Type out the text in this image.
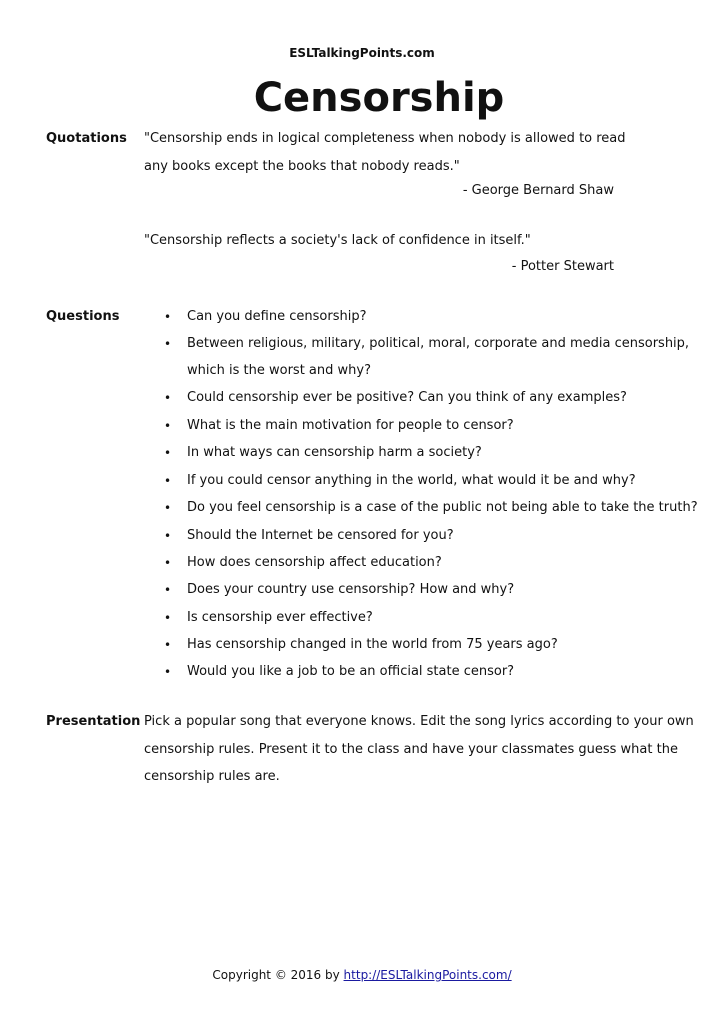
ESLTalkingPoints.com
Censorship
Quotations "Censorship ends in logical completeness when nobody is allowed to read
any books except the books that nobody reads."
- George Bernard Shaw
"Censorship reflects a society's lack of confidence in itself."
- Potter Stewart
Questions	• Can you define censorship?
• Between religious, military, political, moral, corporate and media censorship,
which is the worst and why?
• Could censorship ever be positive? Can you think of any examples?
• What is the main motivation for people to censor?
• In what ways can censorship harm a society?
• If you could censor anything in the world, what would it be and why?
• Do you feel censorship is a case of the public not being able to take the truth?
• Should the Internet be censored for you?
• How does censorship affect education?
• Does your country use censorship? How and why?
• Is censorship ever effective?
• Has censorship changed in the world from 75 years ago?
• Would you like a job to be an official state censor?
Presentation Pick a popular song that everyone knows. Edit the song lyrics according to your own
censorship rules. Present it to the class and have your classmates guess what the
censorship rules are.
Copyright © 2016 by http://ESLTalkingPoints.com/
